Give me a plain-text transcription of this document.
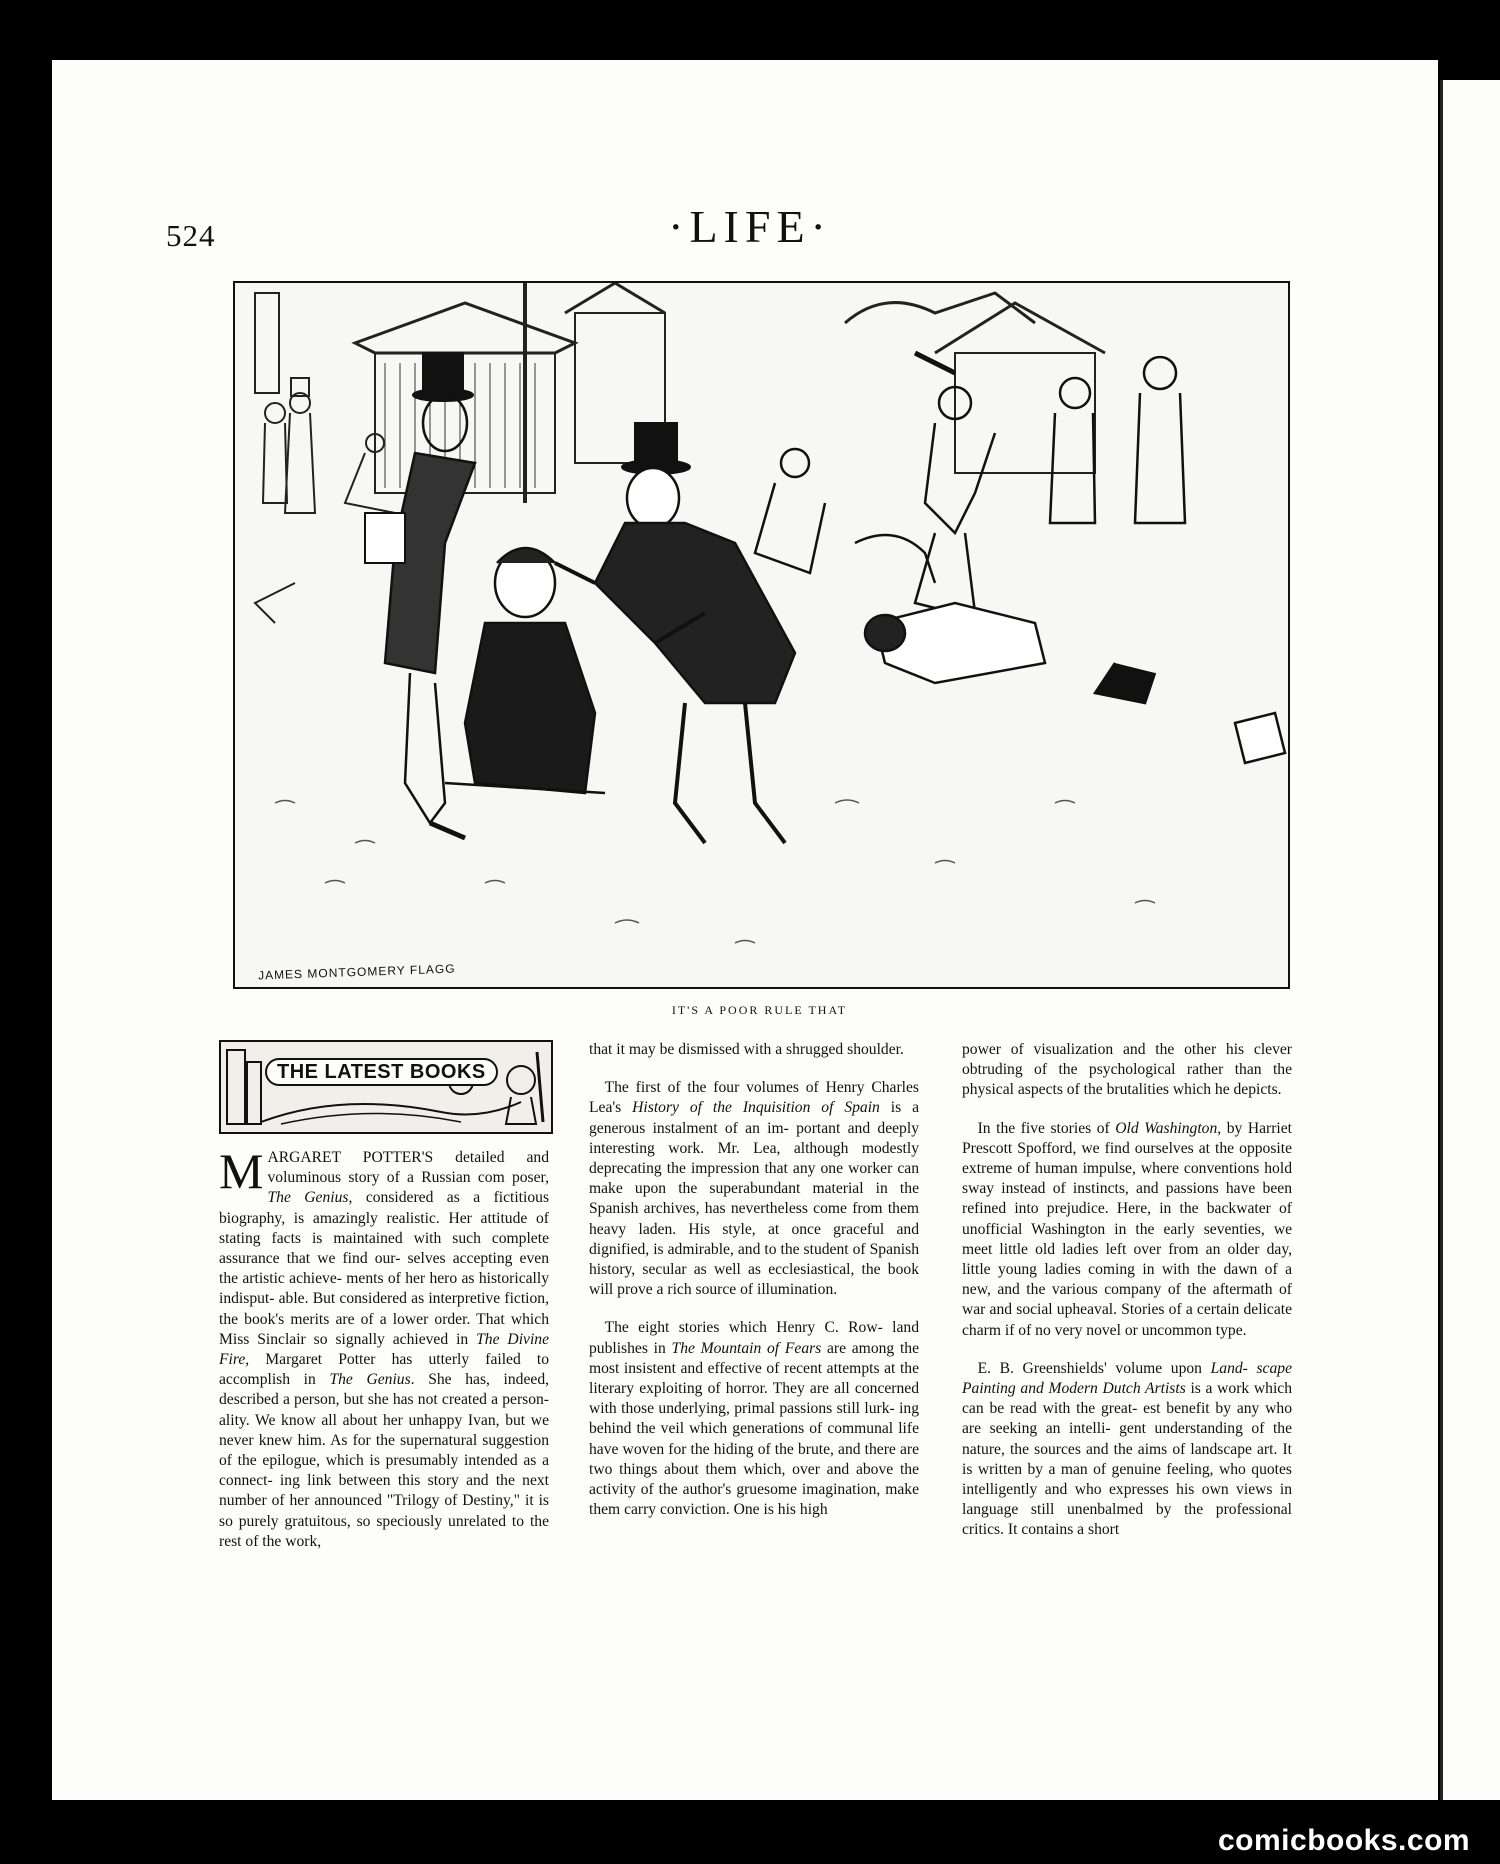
524	·LIFE·
JAMES MONTGOMERY FLAGG
IT'S A POOR RULE THAT
THE LATEST BOOKS

MARGARET POTTER'S detailed and voluminous story of a Russian com poser, The Genius, considered as a fictitious biography, is amazingly realistic. Her attitude of stating facts is maintained with such complete assurance that we find our- selves accepting even the artistic achieve- ments of her hero as historically indisput- able. But considered as interpretive fiction, the book's merits are of a lower order. That which Miss Sinclair so signally achieved in The Divine Fire, Margaret Potter has utterly failed to accomplish in The Genius. She has, indeed, described a person, but she has not created a person- ality. We know all about her unhappy Ivan, but we never knew him. As for the supernatural suggestion of the epilogue, which is presumably intended as a connect- ing link between this story and the next number of her announced "Trilogy of Destiny," it is so purely gratuitous, so speciously unrelated to the rest of the work,

that it may be dismissed with a shrugged shoulder.

 The first of the four volumes of Henry Charles Lea's History of the Inquisition of Spain is a generous instalment of an im- portant and deeply interesting work. Mr. Lea, although modestly deprecating the impression that any one worker can make upon the superabundant material in the Spanish archives, has nevertheless come from them heavy laden. His style, at once graceful and dignified, is admirable, and to the student of Spanish history, secular as well as ecclesiastical, the book will prove a rich source of illumination.

 The eight stories which Henry C. Row- land publishes in The Mountain of Fears are among the most insistent and effective of recent attempts at the literary exploiting of horror. They are all concerned with those underlying, primal passions still lurk- ing behind the veil which generations of communal life have woven for the hiding of the brute, and there are two things about them which, over and above the activity of the author's gruesome imagination, make them carry conviction. One is his high

power of visualization and the other his clever obtruding of the psychological rather than the physical aspects of the brutalities which he depicts.

 In the five stories of Old Washington, by Harriet Prescott Spofford, we find ourselves at the opposite extreme of human impulse, where conventions hold sway instead of instincts, and passions have been refined into prejudice. Here, in the backwater of unofficial Washington in the early seventies, we meet little old ladies left over from an older day, little young ladies coming in with the dawn of a new, and the various company of the aftermath of war and social upheaval. Stories of a certain delicate charm if of no very novel or uncommon type.

 E. B. Greenshields' volume upon Land- scape Painting and Modern Dutch Artists is a work which can be read with the great- est benefit by any who are seeking an intelli- gent understanding of the nature, the sources and the aims of landscape art. It is written by a man of genuine feeling, who quotes intelligently and who expresses his own views in language still unenbalmed by the professional critics. It contains a short

comicbooks.com
